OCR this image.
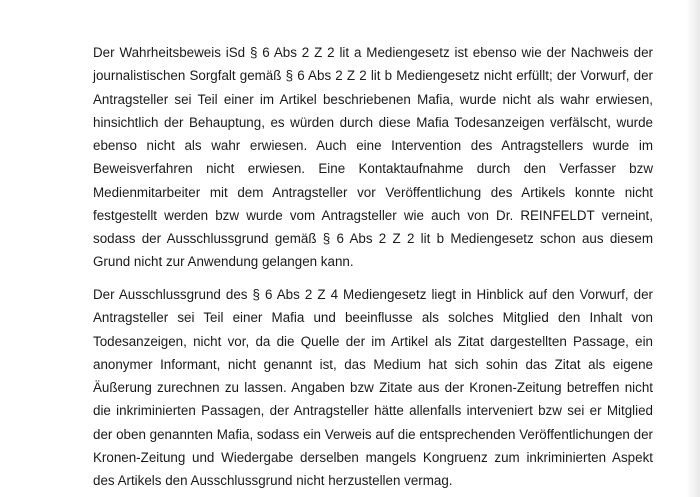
Der Wahrheitsbeweis iSd § 6 Abs 2 Z 2 lit a Mediengesetz ist ebenso wie der Nachweis der journalistischen Sorgfalt gemäß § 6 Abs 2 Z 2 lit b Mediengesetz nicht erfüllt; der Vorwurf, der Antragsteller sei Teil einer im Artikel beschriebenen Mafia, wurde nicht als wahr erwiesen, hinsichtlich der Behauptung, es würden durch diese Mafia Todesanzeigen verfälscht, wurde ebenso nicht als wahr erwiesen. Auch eine Intervention des Antragstellers wurde im Beweisverfahren nicht erwiesen. Eine Kontaktaufnahme durch den Verfasser bzw Medienmitarbeiter mit dem Antragsteller vor Veröffentlichung des Artikels konnte nicht festgestellt werden bzw wurde vom Antragsteller wie auch von Dr. REINFELDT verneint, sodass der Ausschlussgrund gemäß § 6 Abs 2 Z 2 lit b Mediengesetz schon aus diesem Grund nicht zur Anwendung gelangen kann.

Der Ausschlussgrund des § 6 Abs 2 Z 4 Mediengesetz liegt in Hinblick auf den Vorwurf, der Antragsteller sei Teil einer Mafia und beeinflusse als solches Mitglied den Inhalt von Todesanzeigen, nicht vor, da die Quelle der im Artikel als Zitat dargestellten Passage, ein anonymer Informant, nicht genannt ist, das Medium hat sich sohin das Zitat als eigene Äußerung zurechnen zu lassen. Angaben bzw Zitate aus der Kronen-Zeitung betreffen nicht die inkriminierten Passagen, der Antragsteller hätte allenfalls interveniert bzw sei er Mitglied der oben genannten Mafia, sodass ein Verweis auf die entsprechenden Veröffentlichungen der Kronen-Zeitung und Wiedergabe derselben mangels Kongruenz zum inkriminierten Aspekt des Artikels den Ausschlussgrund nicht herzustellen vermag.
